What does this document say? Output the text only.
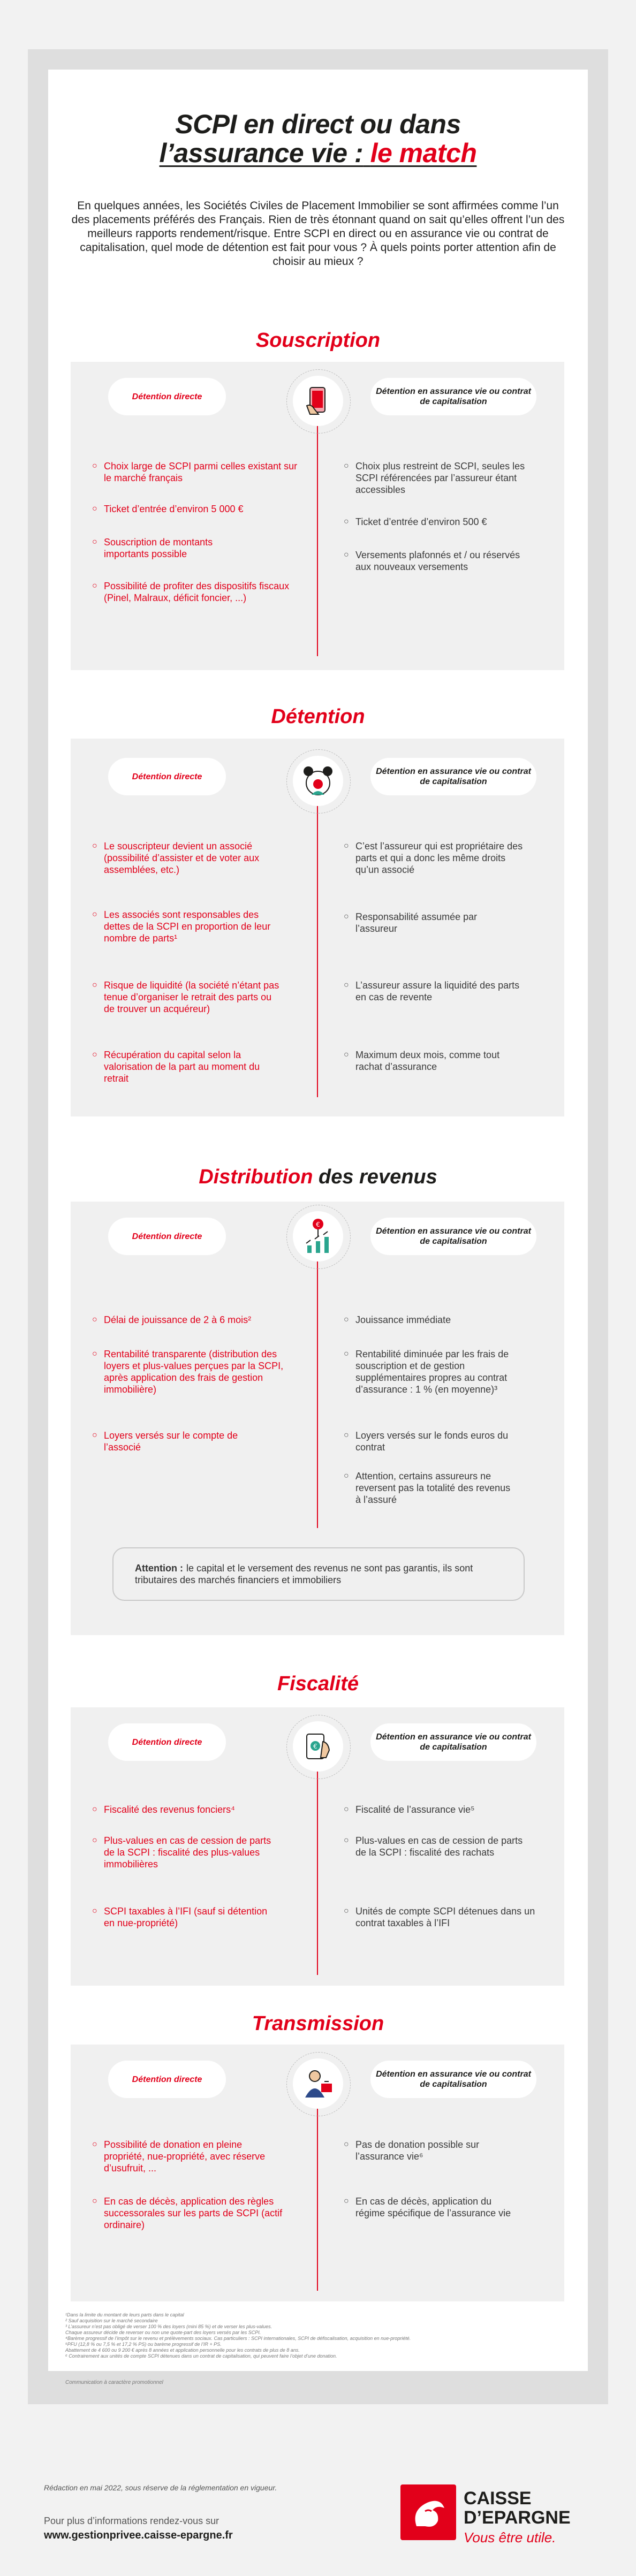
SCPI en direct ou dans
l’assurance vie : le match

En quelques années, les Sociétés Civiles de Placement Immobilier se sont affirmées comme l’un des placements préférés des Français. Rien de très étonnant quand on sait qu’elles offrent l’un des meilleurs rapports rendement/risque. Entre SCPI en direct ou en assurance vie ou contrat de capitalisation, quel mode de détention est fait pour vous ? À quels points porter attention afin de choisir au mieux ?

Souscription
Détention directe
Détention en assurance vie ou contrat de capitalisation
○ Choix large de SCPI parmi celles existant sur le marché français
○ Ticket d’entrée d’environ 5 000 €
○ Souscription de montants importants possible
○ Possibilité de profiter des dispositifs fiscaux (Pinel, Malraux, déficit foncier, ...)
○ Choix plus restreint de SCPI, seules les SCPI référencées par l’assureur étant accessibles
○ Ticket d’entrée d’environ 500 €
○ Versements plafonnés et / ou réservés aux nouveaux versements
Détention
Détention directe
Détention en assurance vie ou contrat de capitalisation
○ Le souscripteur devient un associé (possibilité d’assister et de voter aux assemblées, etc.)
○ Les associés sont responsables des dettes de la SCPI en proportion de leur nombre de parts¹
○ Risque de liquidité (la société n’étant pas tenue d’organiser le retrait des parts ou de trouver un acquéreur)
○ Récupération du capital selon la valorisation de la part au moment du retrait
○ C’est l’assureur qui est propriétaire des parts et qui a donc les même droits qu’un associé
○ Responsabilité assumée par l’assureur
○ L’assureur assure la liquidité des parts en cas de revente
○ Maximum deux mois, comme tout rachat d’assurance
Distribution des revenus
Détention directe
€
Détention en assurance vie ou contrat de capitalisation
○ Délai de jouissance de 2 à 6 mois²
○ Rentabilité transparente (distribution des loyers et plus-values perçues par la SCPI, après application des frais de gestion immobilière)
○ Loyers versés sur le compte de l’associé
○ Jouissance immédiate
○ Rentabilité diminuée par les frais de souscription et de gestion supplémentaires propres au contrat d’assurance : 1 % (en moyenne)³
○ Loyers versés sur le fonds euros du contrat
○ Attention, certains assureurs ne reversent pas la totalité des revenus à l’assuré
Attention : le capital et le versement des revenus ne sont pas garantis, ils sont tributaires des marchés financiers et immobiliers
Fiscalité
Détention directe	€
Détention en assurance vie ou contrat de capitalisation
○ Fiscalité des revenus fonciers⁴
○ Plus-values en cas de cession de parts de la SCPI : fiscalité des plus-values immobilières
○ SCPI taxables à l’IFI (sauf si détention en nue-propriété)
○ Fiscalité de l’assurance vie⁵
○ Plus-values en cas de cession de parts de la SCPI : fiscalité des rachats
○ Unités de compte SCPI détenues dans un contrat taxables à l’IFI
Transmission
Détention directe
Détention en assurance vie ou contrat de capitalisation
○ Possibilité de donation en pleine propriété, nue-propriété, avec réserve d’usufruit, ...
○ En cas de décès, application des règles successorales sur les parts de SCPI (actif ordinaire)
○ Pas de donation possible sur l’assurance vie⁶
○ En cas de décès, application du régime spécifique de l’assurance vie
¹Dans la limite du montant de leurs parts dans le capital
² Sauf acquisition sur le marché secondaire
³ L’assureur n’est pas obligé de verser 100 % des loyers (mini 85 %) et de verser les plus-values.
Chaque assureur décide de reverser ou non une quote-part des loyers versés par les SCPI.
⁴Barème progressif de l’impôt sur le revenu et prélèvements sociaux. Cas particuliers : SCPI internationales, SCPI de défiscalisation, acquisition en nue-propriété.
⁵PFU (12,8 % ou 7,5 % et 17,2 % PS) ou barème progressif de l’IR + PS.
Abattement de 4 600 ou 9 200 € après 8 années et application personnelle pour les contrats de plus de 8 ans.
⁶ Contrairement aux unités de compte SCPI détenues dans un contrat de capitalisation, qui peuvent faire l’objet d’une donation.
Communication à caractère promotionnel
Rédaction en mai 2022, sous réserve de la réglementation en vigueur.
Pour plus d’informations rendez-vous sur
www.gestionprivee.caisse-epargne.fr
CAISSE
D’EPARGNE
Vous être utile.
